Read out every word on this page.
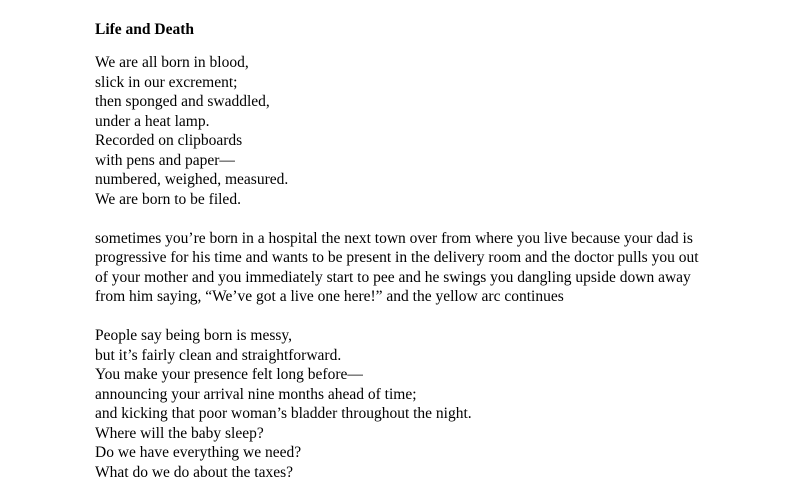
Life and Death
We are all born in blood,
slick in our excrement;
then sponged and swaddled,
under a heat lamp.
Recorded on clipboards
with pens and paper—
numbered, weighed, measured.
We are born to be filed.
sometimes you’re born in a hospital the next town over from where you live because your dad is
progressive for his time and wants to be present in the delivery room and the doctor pulls you out
of your mother and you immediately start to pee and he swings you dangling upside down away
from him saying, “We’ve got a live one here!” and the yellow arc continues
People say being born is messy,
but it’s fairly clean and straightforward.
You make your presence felt long before—
announcing your arrival nine months ahead of time;
and kicking that poor woman’s bladder throughout the night.
Where will the baby sleep?
Do we have everything we need?
What do we do about the taxes?
